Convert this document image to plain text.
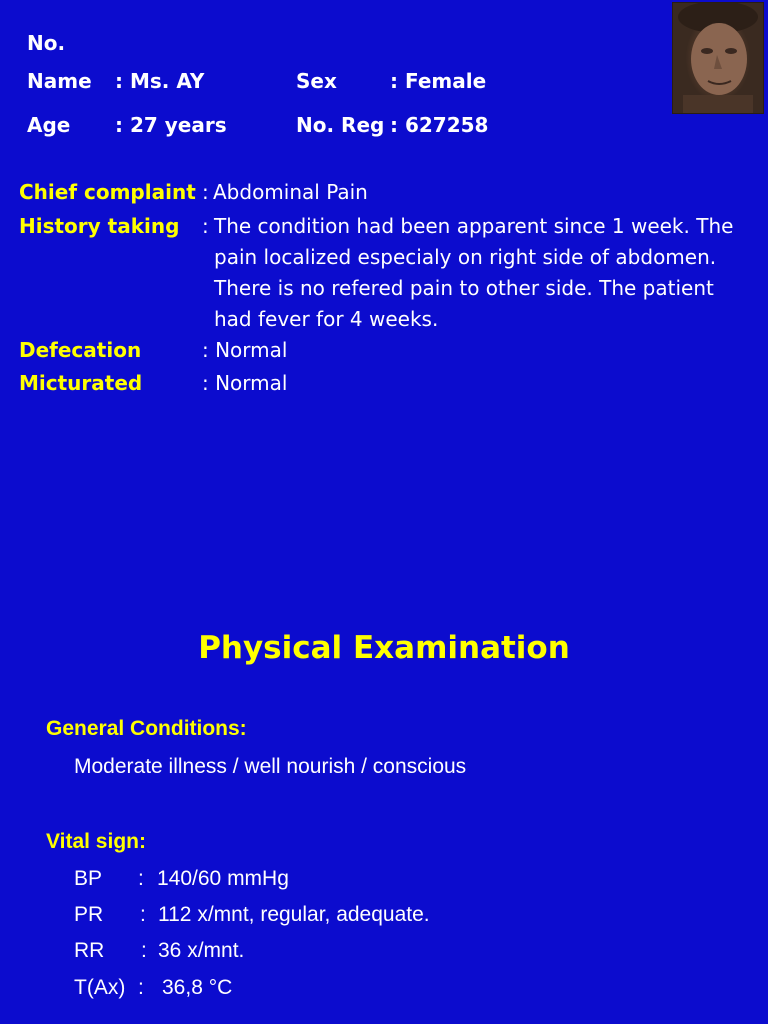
No.
Name : Ms. AY	Sex	: Female
Age : 27 years	No. Reg : 627258
Chief complaint : Abdominal Pain
History taking : The condition had been apparent since 1 week. The
pain localized especialy on right side of abdomen.
There is no refered pain to other side. The patient
had fever for 4 weeks.
Defecation	: Normal
Micturated	: Normal
Physical Examination
General Conditions:
Moderate illness / well nourish / conscious
Vital sign:
BP : 140/60 mmHg
PR : 112 x/mnt, regular, adequate.
RR : 36 x/mnt.
T(Ax) : 36,8 °C
